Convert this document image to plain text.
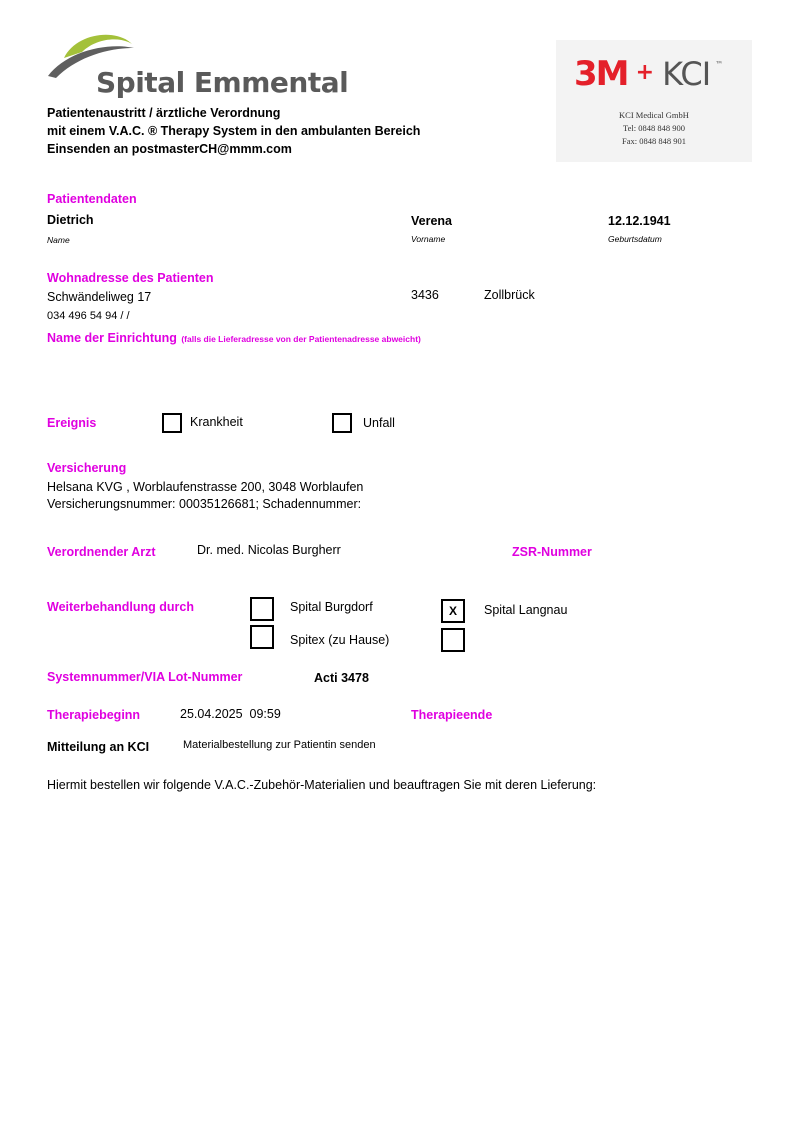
Spital Emmental
Patientenaustritt / ärztliche Verordnung
mit einem V.A.C. ® Therapy System in den ambulanten Bereich
Einsenden an postmasterCH@mmm.com
3M + KCI ™
KCI Medical GmbH
Tel: 0848 848 900
Fax: 0848 848 901
Patientendaten
Dietrich
Name
Verena
Vorname
12.12.1941
Geburtsdatum
Wohnadresse des Patienten
Schwändeliweg 17	3436	Zollbrück
034 496 54 94 / /
Name der Einrichtung (falls die Lieferadresse von der Patientenadresse abweicht)
Ereignis	Krankheit	Unfall
Versicherung
Helsana KVG , Worblaufenstrasse 200, 3048 Worblaufen
Versicherungsnummer: 00035126681; Schadennummer:
Verordnender Arzt	Dr. med. Nicolas Burgherr	ZSR-Nummer
Weiterbehandlung durch	Spital Burgdorf	X	Spital Langnau
Spitex (zu Hause)
Systemnummer/VIA Lot-Nummer	Acti 3478
Therapiebeginn	25.04.2025  09:59	Therapieende
Mitteilung an KCI	Materialbestellung zur Patientin senden
Hiermit bestellen wir folgende V.A.C.-Zubehör-Materialien und beauftragen Sie mit deren Lieferung:
